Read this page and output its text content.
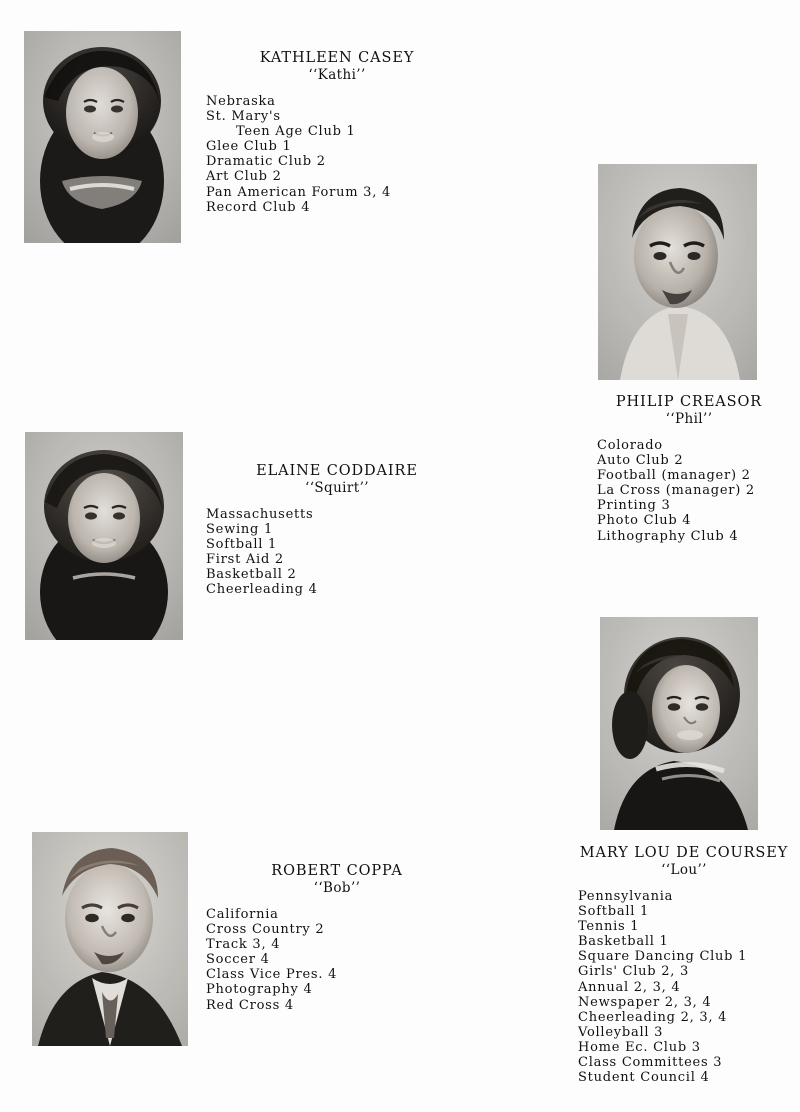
KATHLEEN CASEY
‘‘Kathi’’
Nebraska
St. Mary's
Teen Age Club 1
Glee Club 1
Dramatic Club 2
Art Club 2
Pan American Forum 3, 4
Record Club 4
PHILIP CREASOR
‘‘Phil’’
Colorado
Auto Club 2
Football (manager) 2
La Cross (manager) 2
Printing 3
Photo Club 4
Lithography Club 4
ELAINE CODDAIRE
‘‘Squirt’’
Massachusetts
Sewing 1
Softball 1
First Aid 2
Basketball 2
Cheerleading 4
ROBERT COPPA
‘‘Bob’’
California
Cross Country 2
Track 3, 4
Soccer 4
Class Vice Pres. 4
Photography 4
Red Cross 4
MARY LOU DE COURSEY
‘‘Lou’’
Pennsylvania
Softball 1
Tennis 1
Basketball 1
Square Dancing Club 1
Girls' Club 2, 3
Annual 2, 3, 4
Newspaper 2, 3, 4
Cheerleading 2, 3, 4
Volleyball 3
Home Ec. Club 3
Class Committees 3
Student Council 4
